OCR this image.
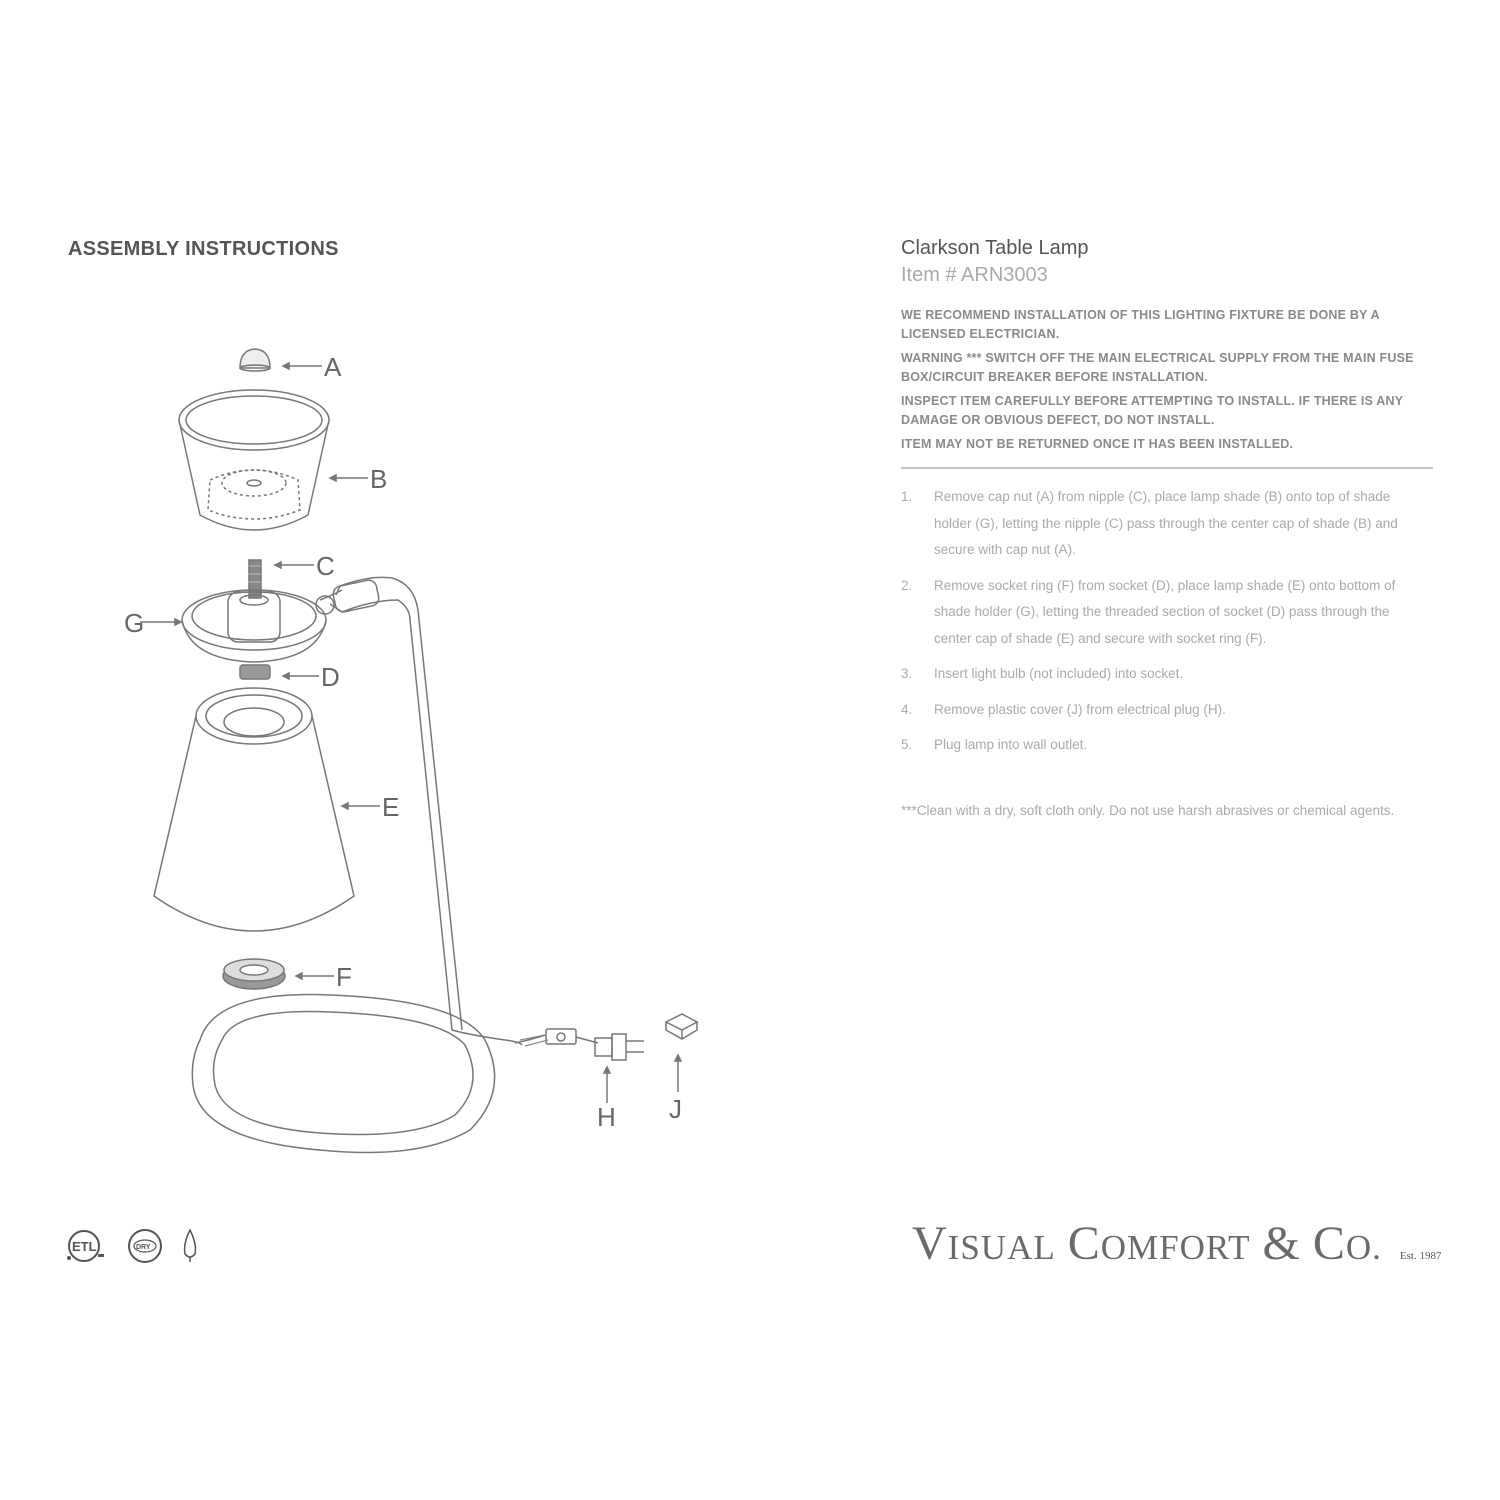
ASSEMBLY INSTRUCTIONS
A
B
C
G
D
E
F
H J
ETL	DRY
Clarkson Table Lamp
Item # ARN3003

WE RECOMMEND INSTALLATION OF THIS LIGHTING FIXTURE BE DONE BY A LICENSED ELECTRICIAN.

WARNING *** SWITCH OFF THE MAIN ELECTRICAL SUPPLY FROM THE MAIN FUSE BOX/CIRCUIT BREAKER BEFORE INSTALLATION.

INSPECT ITEM CAREFULLY BEFORE ATTEMPTING TO INSTALL. IF THERE IS ANY DAMAGE OR OBVIOUS DEFECT, DO NOT INSTALL.

ITEM MAY NOT BE RETURNED ONCE IT HAS BEEN INSTALLED.

1.	Remove cap nut (A) from nipple (C), place lamp shade (B) onto top of shade holder (G), letting the nipple (C) pass through the center cap of shade (B) and secure with cap nut (A).
2.	Remove socket ring (F) from socket (D), place lamp shade (E) onto bottom of shade holder (G), letting the threaded section of socket (D) pass through the center cap of shade (E) and secure with socket ring (F).
3.	Insert light bulb (not included) into socket.
4.	Remove plastic cover (J) from electrical plug (H).
5.	Plug lamp into wall outlet.
***Clean with a dry, soft cloth only. Do not use harsh abrasives or chemical agents.
VISUAL COMFORT & CO. Est. 1987
